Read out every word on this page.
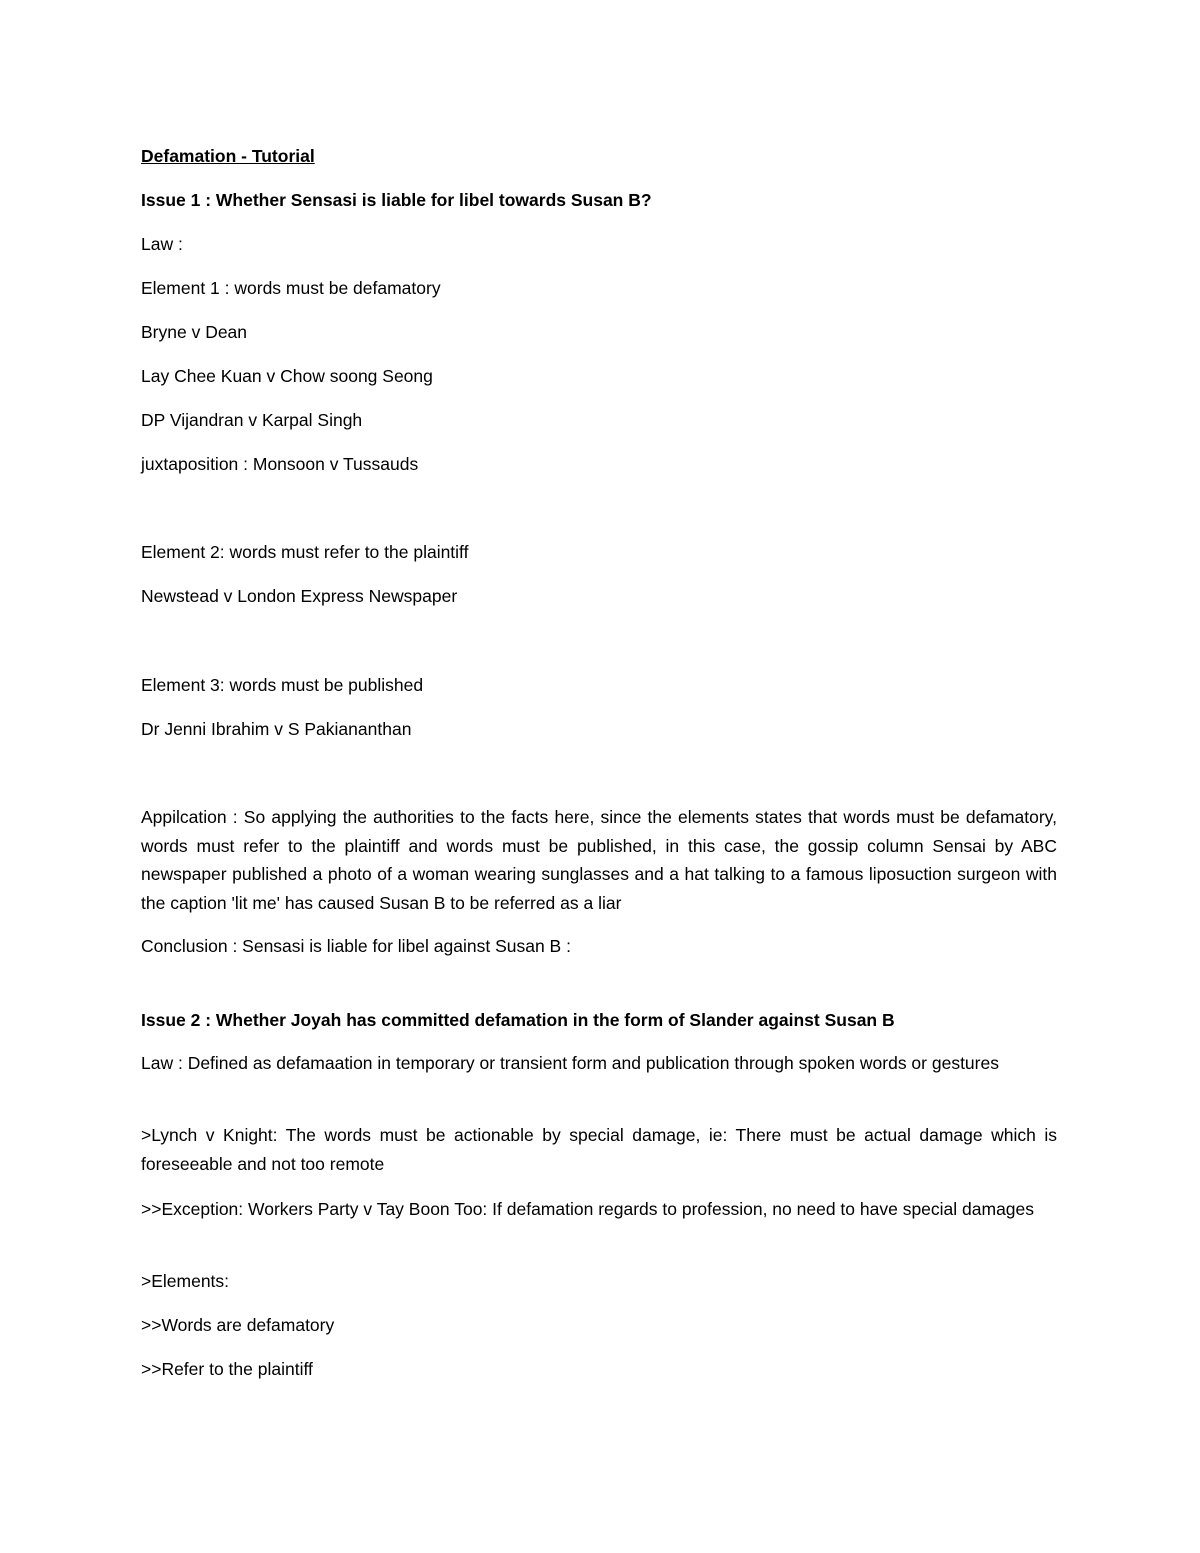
Defamation - Tutorial
Issue 1 : Whether Sensasi is liable for libel towards Susan B?
Law :
Element 1 : words must be defamatory
Bryne v Dean
Lay Chee Kuan v Chow soong Seong
DP Vijandran v Karpal Singh
juxtaposition : Monsoon v Tussauds
Element 2: words must refer to the plaintiff
Newstead v London Express Newspaper
Element 3: words must be published
Dr Jenni Ibrahim v S Pakiananthan
Appilcation : So applying the authorities to the facts here, since the elements states that words must be defamatory, words must refer to the plaintiff and words must be published, in this case, the gossip column Sensai by ABC newspaper published a photo of a woman wearing sunglasses and a hat talking to a famous liposuction surgeon with the caption 'lit me' has caused Susan B to be referred as a liar
Conclusion : Sensasi is liable for libel against Susan B :
Issue 2 : Whether Joyah has committed defamation in the form of Slander against Susan B
Law : Defined as defamaation in temporary or transient form and publication through spoken words or gestures
>Lynch v Knight: The words must be actionable by special damage, ie: There must be actual damage which is foreseeable and not too remote
>>Exception: Workers Party v Tay Boon Too: If defamation regards to profession, no need to have special damages
>Elements:
>>Words are defamatory
>>Refer to the plaintiff
